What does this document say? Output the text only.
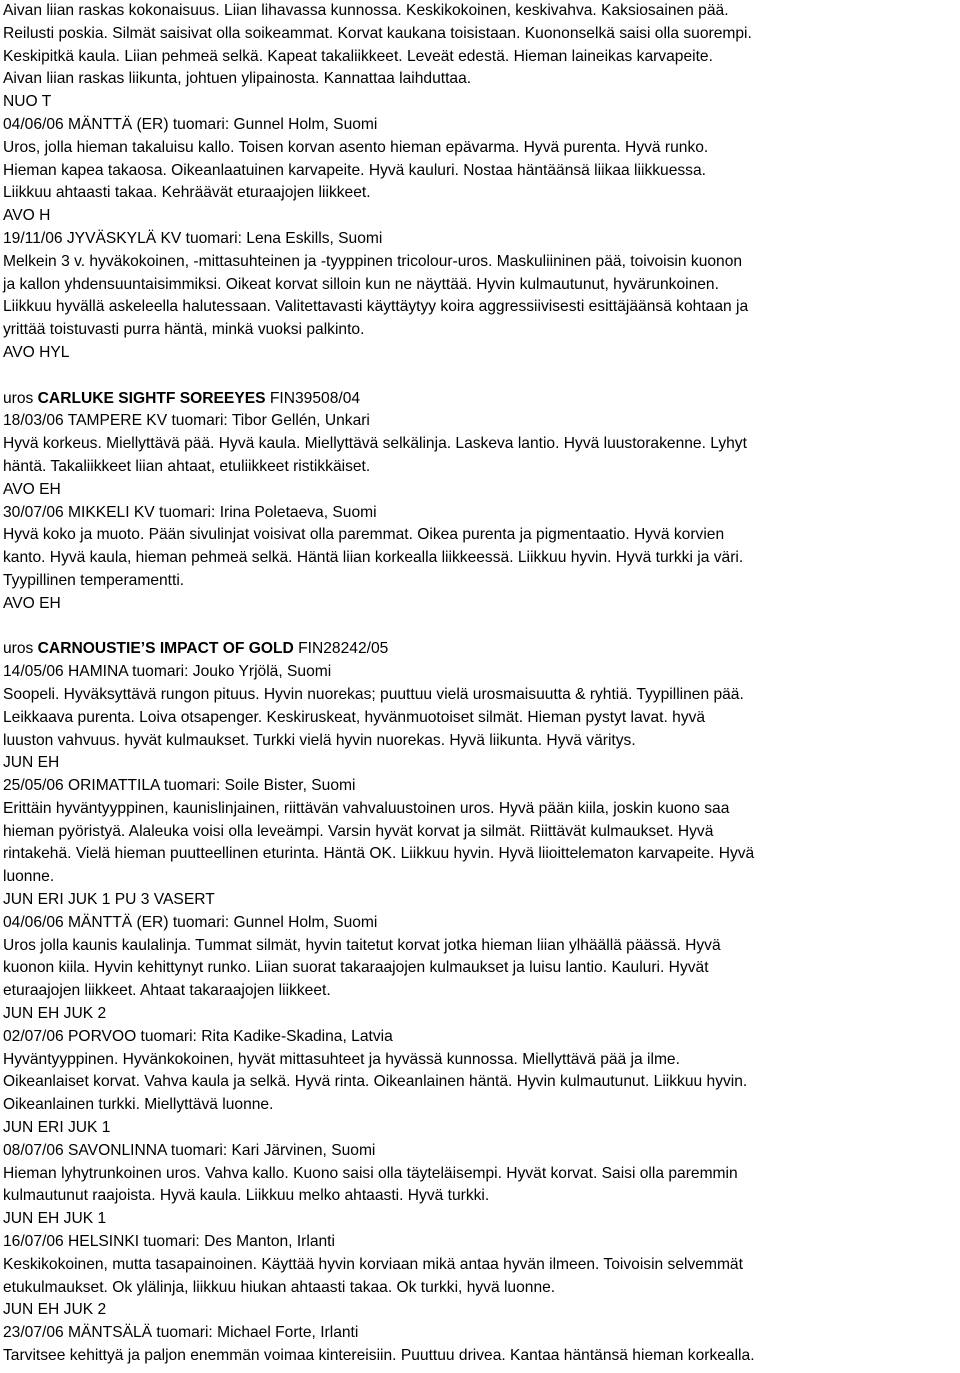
Aivan liian raskas kokonaisuus. Liian lihavassa kunnossa. Keskikokoinen, keskivahva. Kaksiosainen pää.
Reilusti poskia. Silmät saisivat olla soikeammat. Korvat kaukana toisistaan. Kuononselkä saisi olla suorempi.
Keskipitkä kaula. Liian pehmeä selkä. Kapeat takaliikkeet. Leveät edestä. Hieman laineikas karvapeite.
Aivan liian raskas liikunta, johtuen ylipainosta. Kannattaa laihduttaa.
NUO T
04/06/06 MÄNTTÄ (ER) tuomari: Gunnel Holm, Suomi
Uros, jolla hieman takaluisu kallo. Toisen korvan asento hieman epävarma. Hyvä purenta. Hyvä runko.
Hieman kapea takaosa. Oikeanlaatuinen karvapeite. Hyvä kauluri. Nostaa häntäänsä liikaa liikkuessa.
Liikkuu ahtaasti takaa. Kehräävät eturaajojen liikkeet.
AVO H
19/11/06 JYVÄSKYLÄ KV tuomari: Lena Eskills, Suomi
Melkein 3 v. hyväkokoinen, -mittasuhteinen ja -tyyppinen tricolour-uros. Maskuliininen pää, toivoisin kuonon
ja kallon yhdensuuntaisimmiksi. Oikeat korvat silloin kun ne näyttää. Hyvin kulmautunut, hyvärunkoinen.
Liikkuu hyvällä askeleella halutessaan. Valitettavasti käyttäytyy koira aggressiivisesti esittäjäänsä kohtaan ja
yrittää toistuvasti purra häntä, minkä vuoksi palkinto.
AVO HYL
uros CARLUKE SIGHTF SOREEYES FIN39508/04
18/03/06 TAMPERE KV tuomari: Tibor Gellén, Unkari
Hyvä korkeus. Miellyttävä pää. Hyvä kaula. Miellyttävä selkälinja. Laskeva lantio. Hyvä luustorakenne. Lyhyt
häntä. Takaliikkeet liian ahtaat, etuliikkeet ristikkäiset.
AVO EH
30/07/06 MIKKELI KV tuomari: Irina Poletaeva, Suomi
Hyvä koko ja muoto. Pään sivulinjat voisivat olla paremmat. Oikea purenta ja pigmentaatio. Hyvä korvien
kanto. Hyvä kaula, hieman pehmeä selkä. Häntä liian korkealla liikkeessä. Liikkuu hyvin. Hyvä turkki ja väri.
Tyypillinen temperamentti.
AVO EH
uros CARNOUSTIE’S IMPACT OF GOLD FIN28242/05
14/05/06 HAMINA tuomari: Jouko Yrjölä, Suomi
Soopeli. Hyväksyttävä rungon pituus. Hyvin nuorekas; puuttuu vielä urosmaisuutta & ryhtiä. Tyypillinen pää.
Leikkaava purenta. Loiva otsapenger. Keskiruskeat, hyvänmuotoiset silmät. Hieman pystyt lavat. hyvä
luuston vahvuus. hyvät kulmaukset. Turkki vielä hyvin nuorekas. Hyvä liikunta. Hyvä väritys.
JUN EH
25/05/06 ORIMATTILA tuomari: Soile Bister, Suomi
Erittäin hyväntyyppinen, kaunislinjainen, riittävän vahvaluustoinen uros. Hyvä pään kiila, joskin kuono saa
hieman pyöristyä. Alaleuka voisi olla leveämpi. Varsin hyvät korvat ja silmät. Riittävät kulmaukset. Hyvä
rintakehä. Vielä hieman puutteellinen eturinta. Häntä OK. Liikkuu hyvin. Hyvä liioittelematon karvapeite. Hyvä
luonne.
JUN ERI JUK 1 PU 3 VASERT
04/06/06 MÄNTTÄ (ER) tuomari: Gunnel Holm, Suomi
Uros jolla kaunis kaulalinja. Tummat silmät, hyvin taitetut korvat jotka hieman liian ylhäällä päässä. Hyvä
kuonon kiila. Hyvin kehittynyt runko. Liian suorat takaraajojen kulmaukset ja luisu lantio. Kauluri. Hyvät
eturaajojen liikkeet. Ahtaat takaraajojen liikkeet.
JUN EH JUK 2
02/07/06 PORVOO tuomari: Rita Kadike-Skadina, Latvia
Hyväntyyppinen. Hyvänkokoinen, hyvät mittasuhteet ja hyvässä kunnossa. Miellyttävä pää ja ilme.
Oikeanlaiset korvat. Vahva kaula ja selkä. Hyvä rinta. Oikeanlainen häntä. Hyvin kulmautunut. Liikkuu hyvin.
Oikeanlainen turkki. Miellyttävä luonne.
JUN ERI JUK 1
08/07/06 SAVONLINNA tuomari: Kari Järvinen, Suomi
Hieman lyhytrunkoinen uros. Vahva kallo. Kuono saisi olla täyteläisempi. Hyvät korvat. Saisi olla paremmin
kulmautunut raajoista. Hyvä kaula. Liikkuu melko ahtaasti. Hyvä turkki.
JUN EH JUK 1
16/07/06 HELSINKI tuomari: Des Manton, Irlanti
Keskikokoinen, mutta tasapainoinen. Käyttää hyvin korviaan mikä antaa hyvän ilmeen. Toivoisin selvemmät
etukulmaukset. Ok ylälinja, liikkuu hiukan ahtaasti takaa. Ok turkki, hyvä luonne.
JUN EH JUK 2
23/07/06 MÄNTSÄLÄ tuomari: Michael Forte, Irlanti
Tarvitsee kehittyä ja paljon enemmän voimaa kintereisiin. Puuttuu drivea. Kantaa häntänsä hieman korkealla.
